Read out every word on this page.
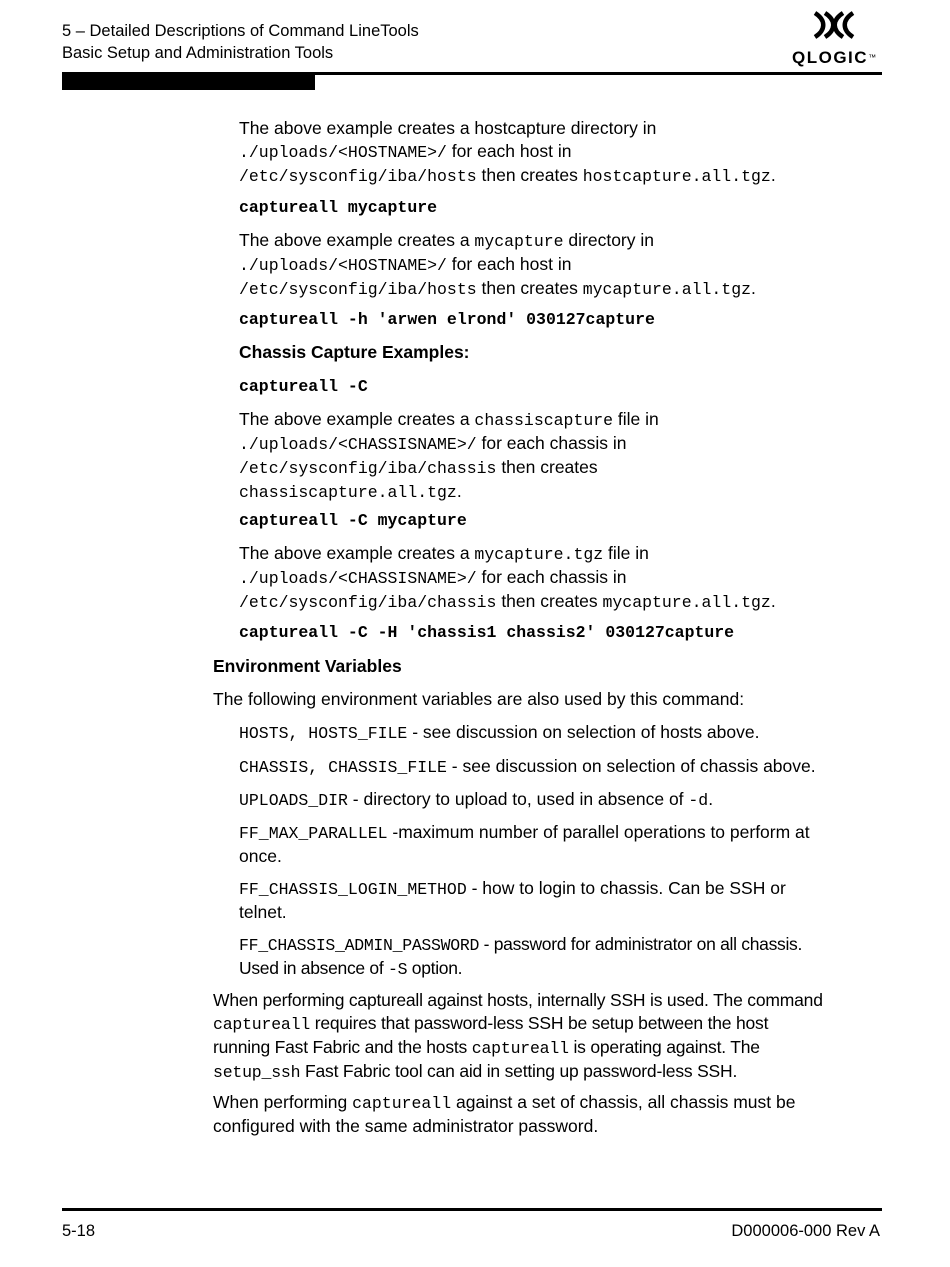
5 – Detailed Descriptions of Command LineTools
Basic Setup and Administration Tools	QLOGIC™
The above example creates a hostcapture directory in
./uploads/<HOSTNAME>/ for each host in
/etc/sysconfig/iba/hosts then creates hostcapture.all.tgz.
captureall mycapture
The above example creates a mycapture directory in
./uploads/<HOSTNAME>/ for each host in
/etc/sysconfig/iba/hosts then creates mycapture.all.tgz.
captureall -h 'arwen elrond' 030127capture
Chassis Capture Examples:
captureall -C
The above example creates a chassiscapture file in
./uploads/<CHASSISNAME>/ for each chassis in
/etc/sysconfig/iba/chassis then creates
chassiscapture.all.tgz.
captureall -C mycapture
The above example creates a mycapture.tgz file in
./uploads/<CHASSISNAME>/ for each chassis in
/etc/sysconfig/iba/chassis then creates mycapture.all.tgz.
captureall -C -H 'chassis1 chassis2' 030127capture
Environment Variables
The following environment variables are also used by this command:
HOSTS, HOSTS_FILE - see discussion on selection of hosts above.
CHASSIS, CHASSIS_FILE - see discussion on selection of chassis above.
UPLOADS_DIR - directory to upload to, used in absence of -d.
FF_MAX_PARALLEL -maximum number of parallel operations to perform at
once.
FF_CHASSIS_LOGIN_METHOD - how to login to chassis. Can be SSH or
telnet.
FF_CHASSIS_ADMIN_PASSWORD - password for administrator on all chassis.
Used in absence of -S option.
When performing captureall against hosts, internally SSH is used. The command
captureall requires that password-less SSH be setup between the host
running Fast Fabric and the hosts captureall is operating against. The
setup_ssh Fast Fabric tool can aid in setting up password-less SSH.
When performing captureall against a set of chassis, all chassis must be
configured with the same administrator password.
5-18	D000006-000 Rev A
